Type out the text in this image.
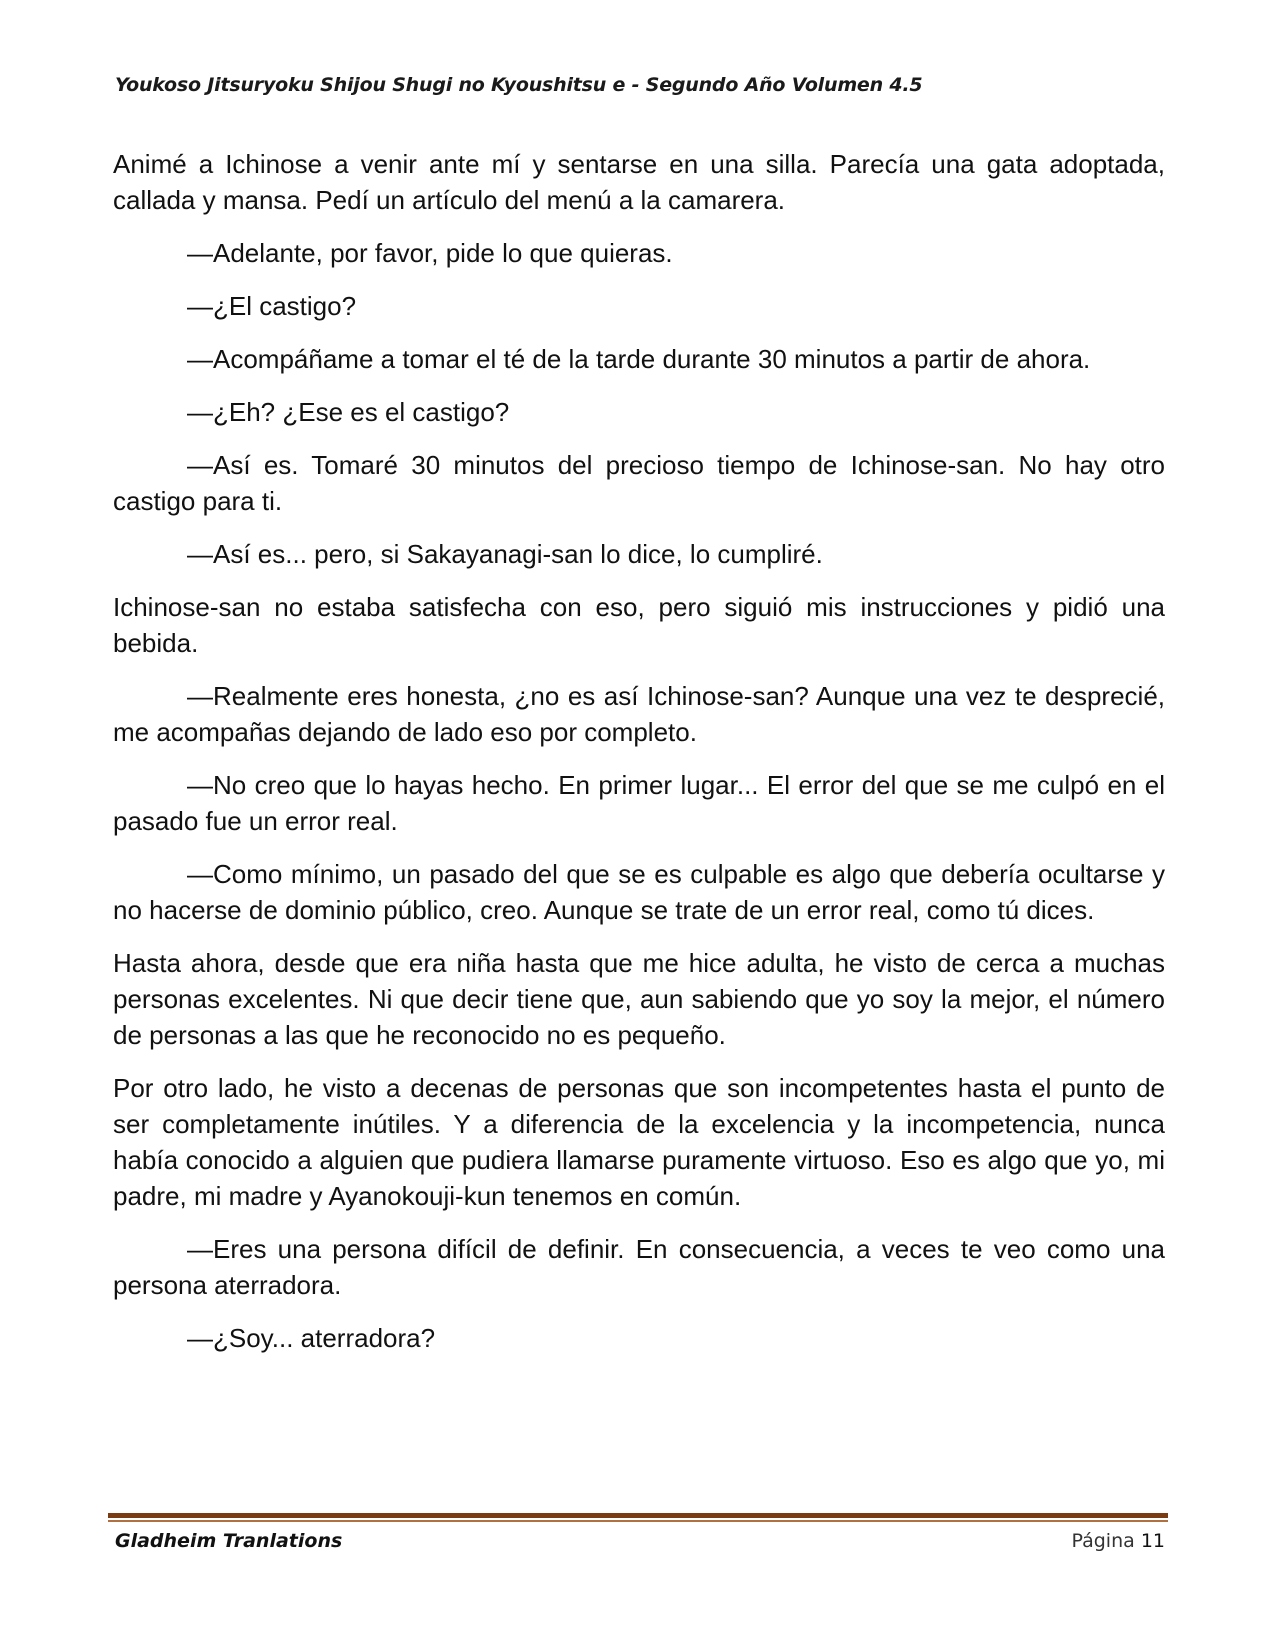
Youkoso Jitsuryoku Shijou Shugi no Kyoushitsu e - Segundo Año Volumen 4.5

Animé a Ichinose a venir ante mí y sentarse en una silla. Parecía una gata adoptada, callada y mansa. Pedí un artículo del menú a la camarera.

—Adelante, por favor, pide lo que quieras.

—¿El castigo?

—Acompáñame a tomar el té de la tarde durante 30 minutos a partir de ahora.

—¿Eh? ¿Ese es el castigo?

—Así es. Tomaré 30 minutos del precioso tiempo de Ichinose-san. No hay otro castigo para ti.

—Así es... pero, si Sakayanagi-san lo dice, lo cumpliré.

Ichinose-san no estaba satisfecha con eso, pero siguió mis instrucciones y pidió una bebida.

—Realmente eres honesta, ¿no es así Ichinose-san? Aunque una vez te desprecié, me acompañas dejando de lado eso por completo.

—No creo que lo hayas hecho. En primer lugar... El error del que se me culpó en el pasado fue un error real.

—Como mínimo, un pasado del que se es culpable es algo que debería ocultarse y no hacerse de dominio público, creo. Aunque se trate de un error real, como tú dices.

Hasta ahora, desde que era niña hasta que me hice adulta, he visto de cerca a muchas personas excelentes. Ni que decir tiene que, aun sabiendo que yo soy la mejor, el número de personas a las que he reconocido no es pequeño.

Por otro lado, he visto a decenas de personas que son incompetentes hasta el punto de ser completamente inútiles. Y a diferencia de la excelencia y la incompetencia, nunca había conocido a alguien que pudiera llamarse puramente virtuoso. Eso es algo que yo, mi padre, mi madre y Ayanokouji-kun tenemos en común.

—Eres una persona difícil de definir. En consecuencia, a veces te veo como una persona aterradora.

—¿Soy... aterradora?

Gladheim Tranlations	Página 11
